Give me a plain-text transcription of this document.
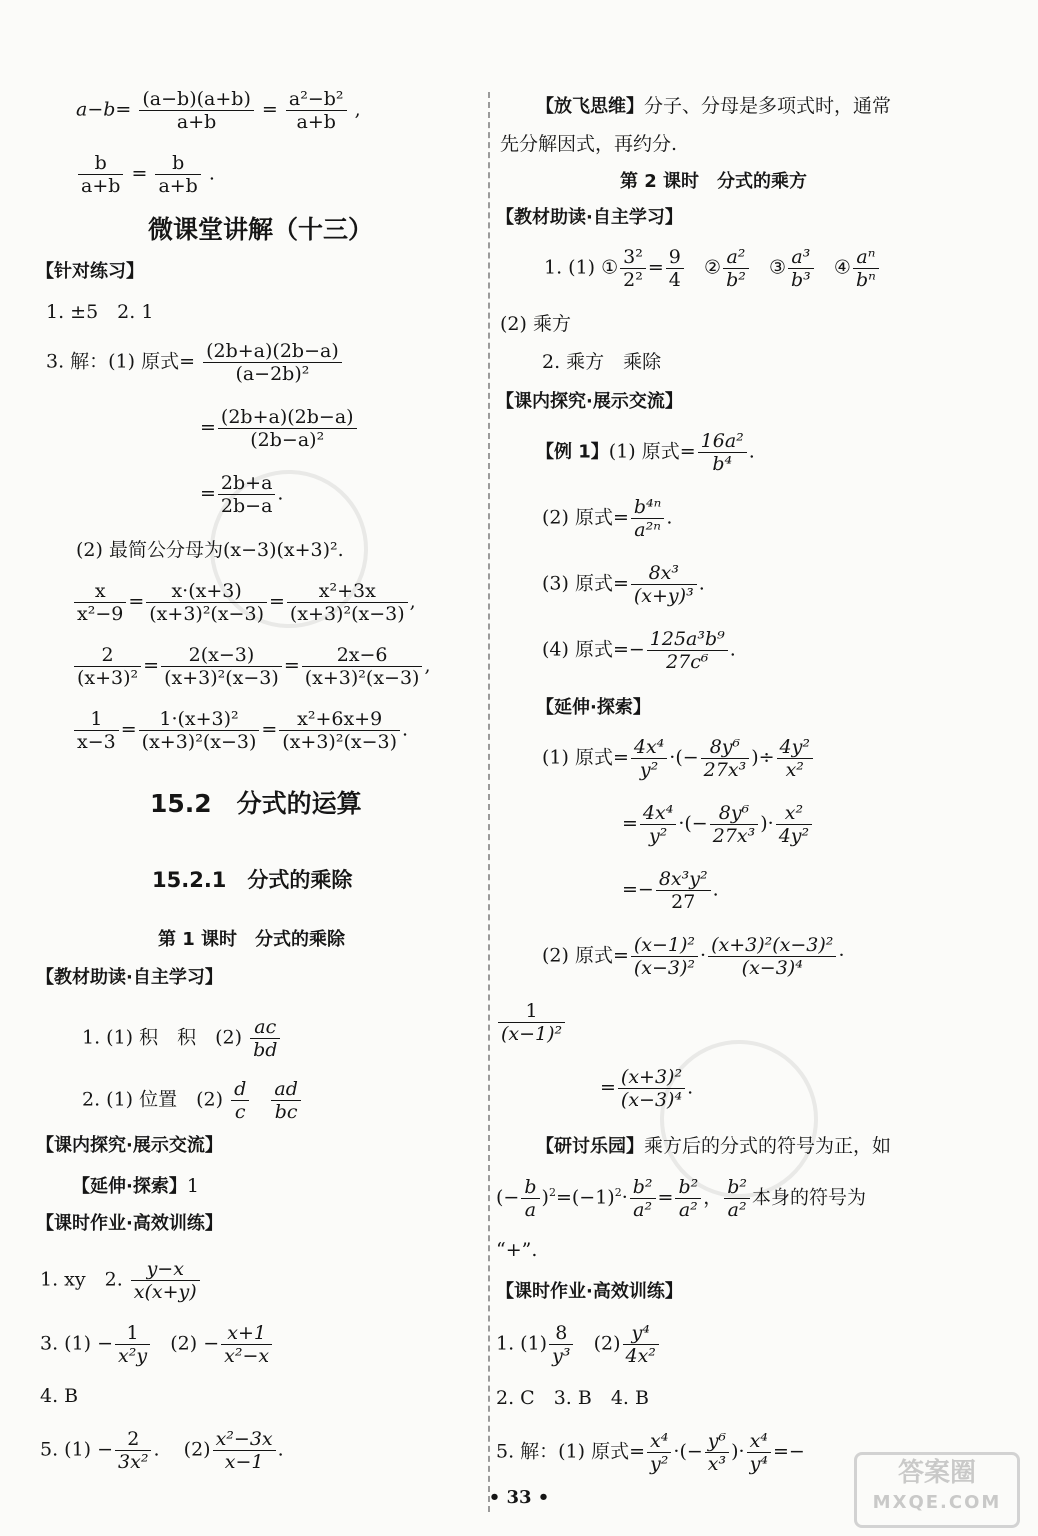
$a-b= \frac{(a-b)(a+b)}{a+b} = \frac{\text{a²−b²}}{a+b}$ ,
$\frac{b}{a+b} = \frac{b}{a+b}$ .
微课堂讲解（十三）
【针对练习】
1. ±5　2. 1
3. 解：(1) 原式= $\frac{(2b+a)(2b-a)}{\text{(a−2b)²}}$
= $\frac{(2b+a)(2b-a)}{\text{(2b−a)²}}$
= $\frac{2b+a}{2b-a}$ .
(2) 最简公分母为(x−3)(x+3)².
$\frac{x}{\text{x²−9}} = \frac{x\cdot(x+3)}{\text{(x+3)²(x−3)}} = \frac{\text{x²+3x}}{\text{(x+3)²(x−3)}}$ ,
$\frac{2}{\text{(x+3)²}} = \frac{2(x-3)}{\text{(x+3)²(x−3)}} = \frac{2x-6}{\text{(x+3)²(x−3)}}$ ,
$\frac{1}{x-3} = \frac{\text{1·(x+3)²}}{\text{(x+3)²(x−3)}} = \frac{\text{x²+6x+9}}{\text{(x+3)²(x−3)}}$ .
15.2　分式的运算
15.2.1　分式的乘除
第 1 课时　分式的乘除
【教材助读·自主学习】
1. (1) 积　积　$(2) \frac{ac}{bd}$
2. (1) 位置　$(2) \frac{d}{c}$
$\frac{ad}{bc}$
【课内探究·展示交流】
【延伸·探索】1
【课时作业·高效训练】
1. xy　2. $\frac{y-x}{x(x+y)}$
3. $(1) - \frac{1}{\text{x²y}} (2) - \frac{x+1}{\text{x²−x}}$
4. B
5. $(1) - \frac{2}{\text{3x²}}$ .    $(2) \frac{\text{x²−3x}}{x-1}$ .
【放飞思维】分子、分母是多项式时，通常
先分解因式，再约分.
第 2 课时　分式的乘方
【教材助读·自主学习】
1. (1) ① $\frac{\text{3²}}{\text{2²}} = \frac{9}{4}$ ② $\frac{\text{a²}}{\text{b²}}$ ③ $\frac{\text{a³}}{\text{b³}}$ ④ $\frac{\text{aⁿ}}{\text{bⁿ}}$
(2) 乘方
2. 乘方　乘除
【课内探究·展示交流】
【例 1】(1) 原式= $\frac{\text{16a²}}{\text{b⁴}}$ .
(2) 原式= $\frac{\text{b⁴ⁿ}}{\text{a²ⁿ}}$ .
(3) 原式= $\frac{\text{8x³}}{\text{(x+y)³}}$ .
(4) 原式=− $\frac{\text{125a³b⁹}}{\text{27c⁶}}$ .
【延伸·探索】
(1) 原式= $\frac{\text{4x⁴}}{\text{y²}}$ ·(− $\frac{\text{8y⁶}}{\text{27x³}}$ )÷ $\frac{\text{4y²}}{\text{x²}}$
= $\frac{\text{4x⁴}}{\text{y²}}$ ·(− $\frac{\text{8y⁶}}{\text{27x³}}$ )· $\frac{\text{x²}}{\text{4y²}}$
=− $\frac{\text{8x³y²}}{27}$ .
(2) 原式= $\frac{\text{(x−1)²}}{\text{(x−3)²}} \cdot \frac{\text{(x+3)²(x−3)²}}{\text{(x−3)⁴}}$ ·
$\frac{1}{\text{(x−1)²}}$
= $\frac{\text{(x+3)²}}{\text{(x−3)⁴}}$ .
【研讨乐园】乘方后的分式的符号为正，如
(− $\frac{b}{a} )^2=(-1)^2\cdot \frac{\text{b²}}{\text{a²}} = \frac{\text{b²}}{\text{a²}}$ ， $\frac{\text{b²}}{\text{a²}}$ 本身的符号为
“+”.
【课时作业·高效训练】
1. $(1) \frac{8}{\text{y³}} (2) \frac{\text{y⁴}}{\text{4x²}}$
2. C　3. B　4. B
5. 解：(1) 原式= $\frac{\text{x⁴}}{\text{y²}}$ ·(− $\frac{\text{y⁶}}{\text{x³}}$ )· $\frac{\text{x⁴}}{\text{y⁴}}$ =−
• 33 •
答案圈
MXQE.COM
